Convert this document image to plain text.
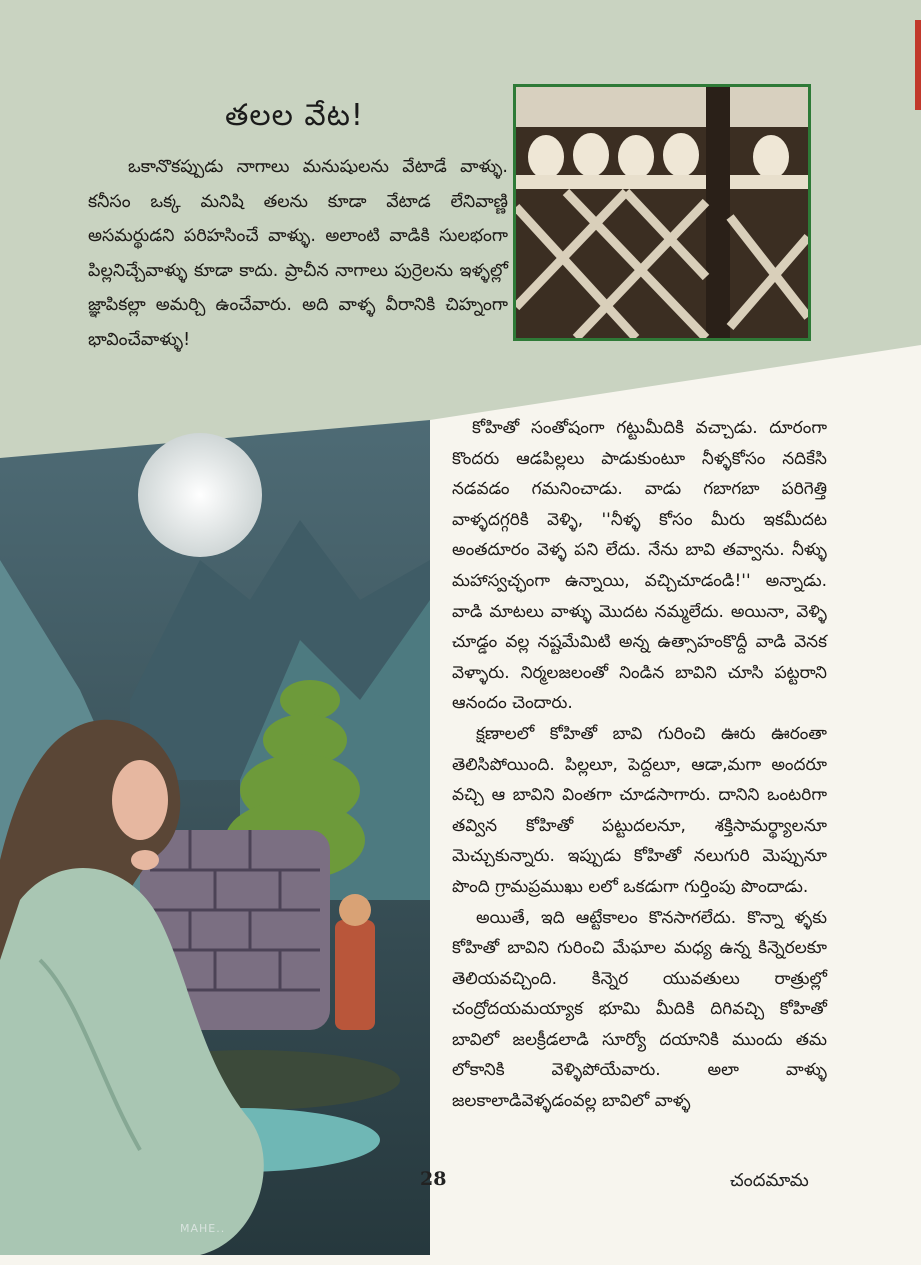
తలల వేట!
ఒకానొకప్పుడు నాగాలు మనుషులను వేటాడే వాళ్ళు. కనీసం ఒక్క మనిషి తలను కూడా వేటాడ లేనివాణ్ణి అసమర్థుడని పరిహసించే వాళ్ళు. అలాంటి వాడికి సులభంగా పిల్లనిచ్చేవాళ్ళు కూడా కాదు. ప్రాచీన నాగాలు పుర్రెలను ఇళ్ళల్లో జ్ఞాపికల్లా అమర్చి ఉంచేవారు. అది వాళ్ళ వీరానికి చిహ్నంగా భావించేవాళ్ళు!
MAHE..

కోహితో సంతోషంగా గట్టుమీదికి వచ్చాడు. దూరంగా కొందరు ఆడపిల్లలు పాడుకుంటూ నీళ్ళకోసం నదికేసి నడవడం గమనించాడు. వాడు గబాగబా పరిగెత్తి వాళ్ళదగ్గరికి వెళ్ళి, ''నీళ్ళ కోసం మీరు ఇకమీదట అంతదూరం వెళ్ళ పని లేదు. నేను బావి తవ్వాను. నీళ్ళు మహాస్వచ్ఛంగా ఉన్నాయి, వచ్చిచూడండి!'' అన్నాడు. వాడి మాటలు వాళ్ళు మొదట నమ్మలేదు. అయినా, వెళ్ళి చూడ్డం వల్ల నష్టమేమిటి అన్న ఉత్సాహంకొద్దీ వాడి వెనక వెళ్ళారు. నిర్మలజలంతో నిండిన బావిని చూసి పట్టరాని ఆనందం చెందారు.

క్షణాలలో కోహితో బావి గురించి ఊరు ఊరంతా తెలిసిపోయింది. పిల్లలూ, పెద్దలూ, ఆడా,మగా అందరూ వచ్చి ఆ బావిని వింతగా చూడసాగారు. దానిని ఒంటరిగా తవ్విన కోహితో పట్టుదలనూ, శక్తిసామర్థ్యాలనూ మెచ్చుకున్నారు. ఇప్పుడు కోహితో నలుగురి మెప్పునూ పొంది గ్రామప్రముఖు లలో ఒకడుగా గుర్తింపు పొందాడు.

అయితే, ఇది ఆట్టేకాలం కొనసాగలేదు. కొన్నా ళ్ళకు కోహితో బావిని గురించి మేఘాల మధ్య ఉన్న కిన్నెరలకూ తెలియవచ్చింది. కిన్నెర యువతులు రాత్రుల్లో చంద్రోదయమయ్యాక భూమి మీదికి దిగివచ్చి కోహితో బావిలో జలక్రీడలాడి సూర్యో దయానికి ముందు తమ లోకానికి వెళ్ళిపోయేవారు. అలా వాళ్ళు జలకాలాడివెళ్ళడంవల్ల బావిలో వాళ్ళ

28	చందమామ
